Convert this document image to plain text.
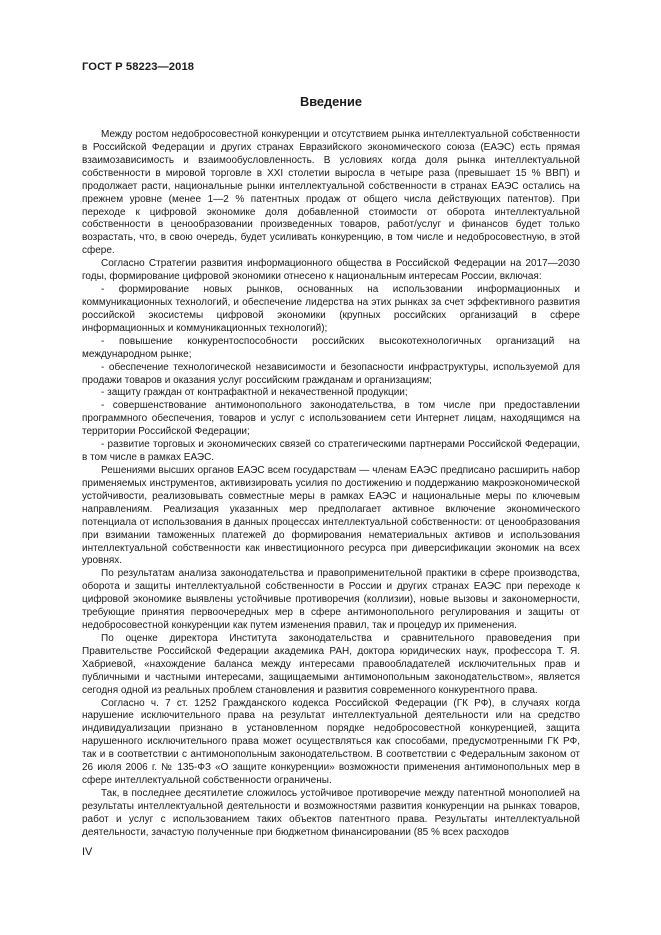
ГОСТ Р 58223—2018
Введение

Между ростом недобросовестной конкуренции и отсутствием рынка интеллектуальной собственности в Российской Федерации и других странах Евразийского экономического союза (ЕАЭС) есть прямая взаимозависимость и взаимообусловленность. В условиях когда доля рынка интеллектуальной собственности в мировой торговле в XXI столетии выросла в четыре раза (превышает 15 % ВВП) и продолжает расти, национальные рынки интеллектуальной собственности в странах ЕАЭС остались на прежнем уровне (менее 1—2 % патентных продаж от общего числа действующих патентов). При переходе к цифровой экономике доля добавленной стоимости от оборота интеллектуальной собственности в ценообразовании произведенных товаров, работ/услуг и финансов будет только возрастать, что, в свою очередь, будет усиливать конкуренцию, в том числе и недобросовестную, в этой сфере.

Согласно Стратегии развития информационного общества в Российской Федерации на 2017—2030 годы, формирование цифровой экономики отнесено к национальным интересам России, включая:

- формирование новых рынков, основанных на использовании информационных и коммуникационных технологий, и обеспечение лидерства на этих рынках за счет эффективного развития российской экосистемы цифровой экономики (крупных российских организаций в сфере информационных и коммуникационных технологий);

- повышение конкурентоспособности российских высокотехнологичных организаций на международном рынке;

- обеспечение технологической независимости и безопасности инфраструктуры, используемой для продажи товаров и оказания услуг российским гражданам и организациям;

- защиту граждан от контрафактной и некачественной продукции;

- совершенствование антимонопольного законодательства, в том числе при предоставлении программного обеспечения, товаров и услуг с использованием сети Интернет лицам, находящимся на территории Российской Федерации;

- развитие торговых и экономических связей со стратегическими партнерами Российской Федерации, в том числе в рамках ЕАЭС.

Решениями высших органов ЕАЭС всем государствам — членам ЕАЭС предписано расширить набор применяемых инструментов, активизировать усилия по достижению и поддержанию макроэкономической устойчивости, реализовывать совместные меры в рамках ЕАЭС и национальные меры по ключевым направлениям. Реализация указанных мер предполагает активное включение экономического потенциала от использования в данных процессах интеллектуальной собственности: от ценообразования при взимании таможенных платежей до формирования нематериальных активов и использования интеллектуальной собственности как инвестиционного ресурса при диверсификации экономик на всех уровнях.

По результатам анализа законодательства и правоприменительной практики в сфере производства, оборота и защиты интеллектуальной собственности в России и других странах ЕАЭС при переходе к цифровой экономике выявлены устойчивые противоречия (коллизии), новые вызовы и закономерности, требующие принятия первоочередных мер в сфере антимонопольного регулирования и защиты от недобросовестной конкуренции как путем изменения правил, так и процедур их применения.

По оценке директора Института законодательства и сравнительного правоведения при Правительстве Российской Федерации академика РАН, доктора юридических наук, профессора Т. Я. Хабриевой, «нахождение баланса между интересами правообладателей исключительных прав и публичными и частными интересами, защищаемыми антимонопольным законодательством», является сегодня одной из реальных проблем становления и развития современного конкурентного права.

Согласно ч. 7 ст. 1252 Гражданского кодекса Российской Федерации (ГК РФ), в случаях когда нарушение исключительного права на результат интеллектуальной деятельности или на средство индивидуализации признано в установленном порядке недобросовестной конкуренцией, защита нарушенного исключительного права может осуществляться как способами, предусмотренными ГК РФ, так и в соответствии с антимонопольным законодательством. В соответствии с Федеральным законом от 26 июля 2006 г. № 135-ФЗ «О защите конкуренции» возможности применения антимонопольных мер в сфере интеллектуальной собственности ограничены.

Так, в последнее десятилетие сложилось устойчивое противоречие между патентной монополией на результаты интеллектуальной деятельности и возможностями развития конкуренции на рынках товаров, работ и услуг с использованием таких объектов патентного права. Результаты интеллектуальной деятельности, зачастую полученные при бюджетном финансировании (85 % всех расходов

IV
